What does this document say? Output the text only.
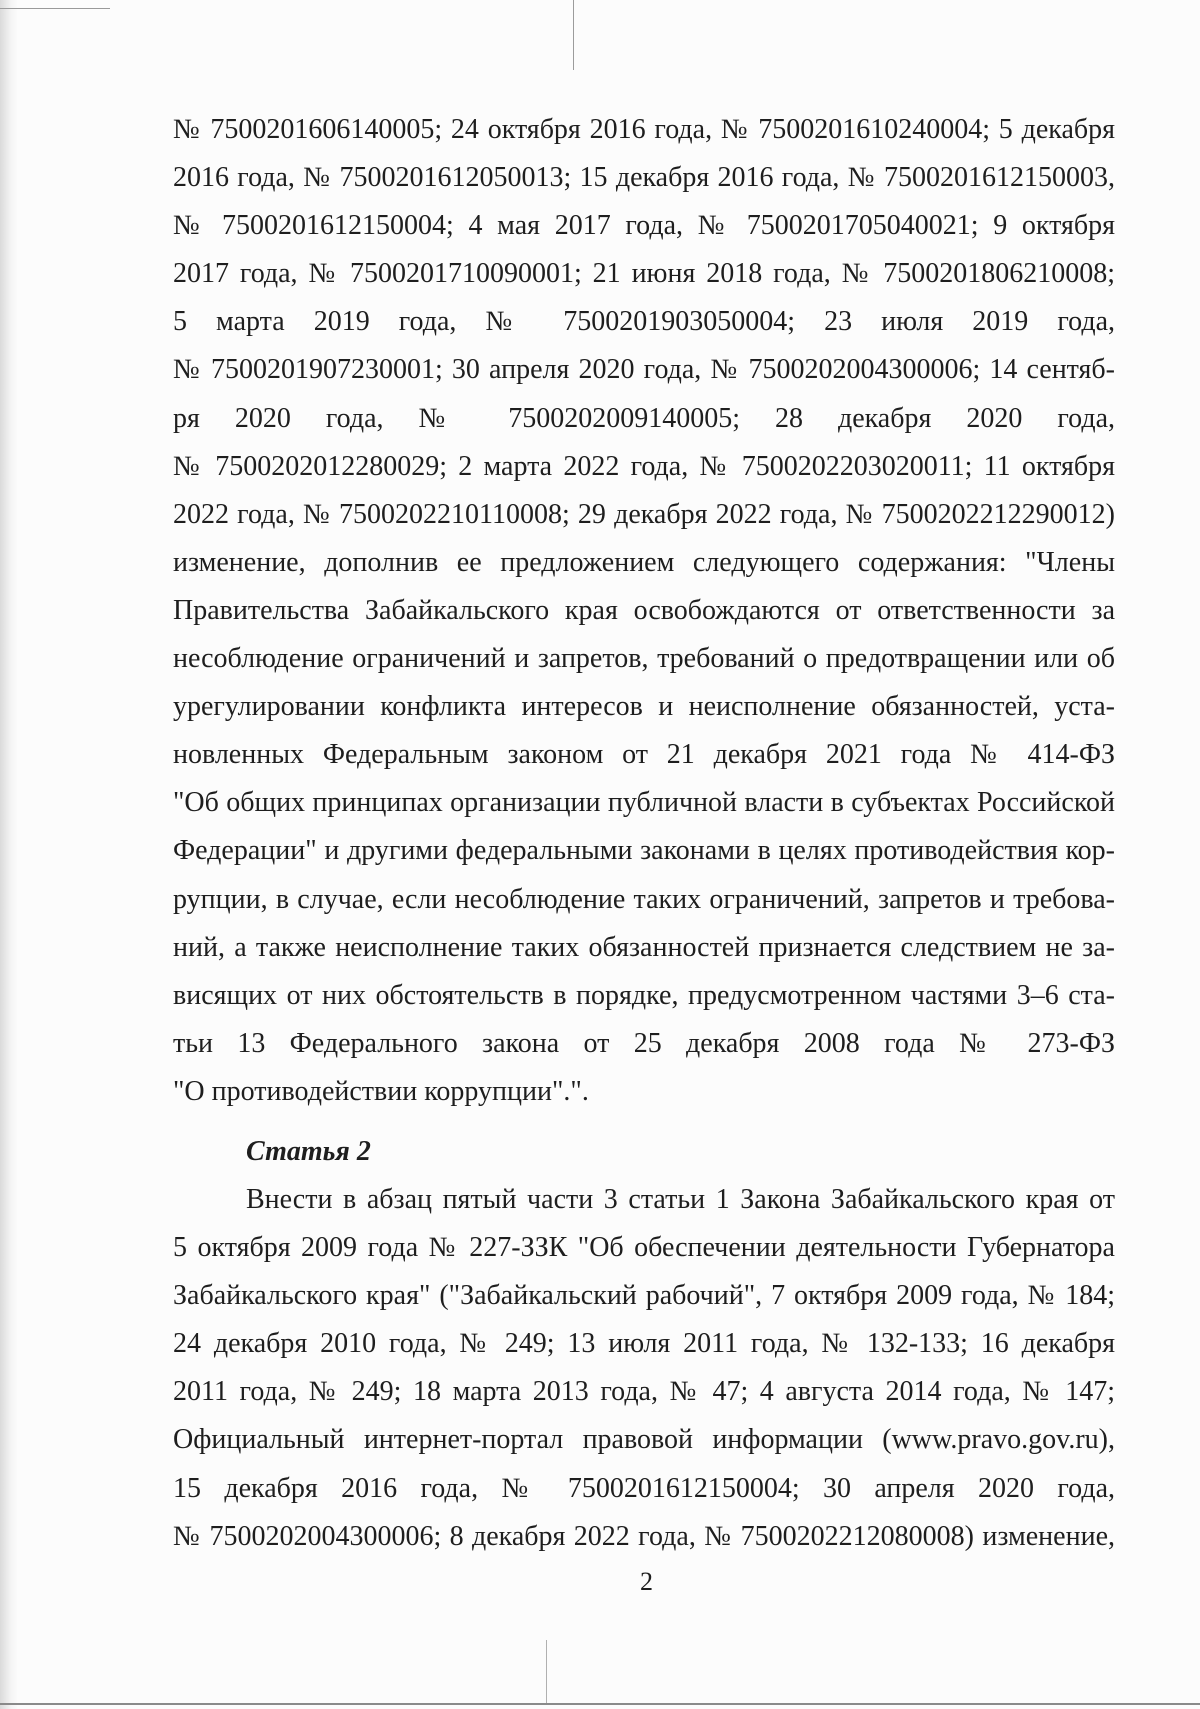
№ 7500201606140005; 24 октября 2016 года, № 7500201610240004; 5 декабря
2016 года, № 7500201612050013; 15 декабря 2016 года, № 7500201612150003,
№ 7500201612150004; 4 мая 2017 года, № 7500201705040021; 9 октября
2017 года, № 7500201710090001; 21 июня 2018 года, № 7500201806210008;
5 марта 2019 года, № 7500201903050004; 23 июля 2019 года,
№ 7500201907230001; 30 апреля 2020 года, № 7500202004300006; 14 сентяб-
ря 2020 года, № 7500202009140005; 28 декабря 2020 года,
№ 7500202012280029; 2 марта 2022 года, № 7500202203020011; 11 октября
2022 года, № 7500202210110008; 29 декабря 2022 года, № 7500202212290012)
изменение, дополнив ее предложением следующего содержания: "Члены
Правительства Забайкальского края освобождаются от ответственности за
несоблюдение ограничений и запретов, требований о предотвращении или об
урегулировании конфликта интересов и неисполнение обязанностей, уста-
новленных Федеральным законом от 21 декабря 2021 года № 414-ФЗ
"Об общих принципах организации публичной власти в субъектах Российской
Федерации" и другими федеральными законами в целях противодействия кор-
рупции, в случае, если несоблюдение таких ограничений, запретов и требова-
ний, а также неисполнение таких обязанностей признается следствием не за-
висящих от них обстоятельств в порядке, предусмотренном частями 3–6 ста-
тьи 13 Федерального закона от 25 декабря 2008 года № 273-ФЗ
"О противодействии коррупции".".
Статья 2
Внести в абзац пятый части 3 статьи 1 Закона Забайкальского края от
5 октября 2009 года № 227-ЗЗК "Об обеспечении деятельности Губернатора
Забайкальского края" ("Забайкальский рабочий", 7 октября 2009 года, № 184;
24 декабря 2010 года, № 249; 13 июля 2011 года, № 132-133; 16 декабря
2011 года, № 249; 18 марта 2013 года, № 47; 4 августа 2014 года, № 147;
Официальный интернет-портал правовой информации (www.pravo.gov.ru),
15 декабря 2016 года, № 7500201612150004; 30 апреля 2020 года,
№ 7500202004300006; 8 декабря 2022 года, № 7500202212080008) изменение,
2
